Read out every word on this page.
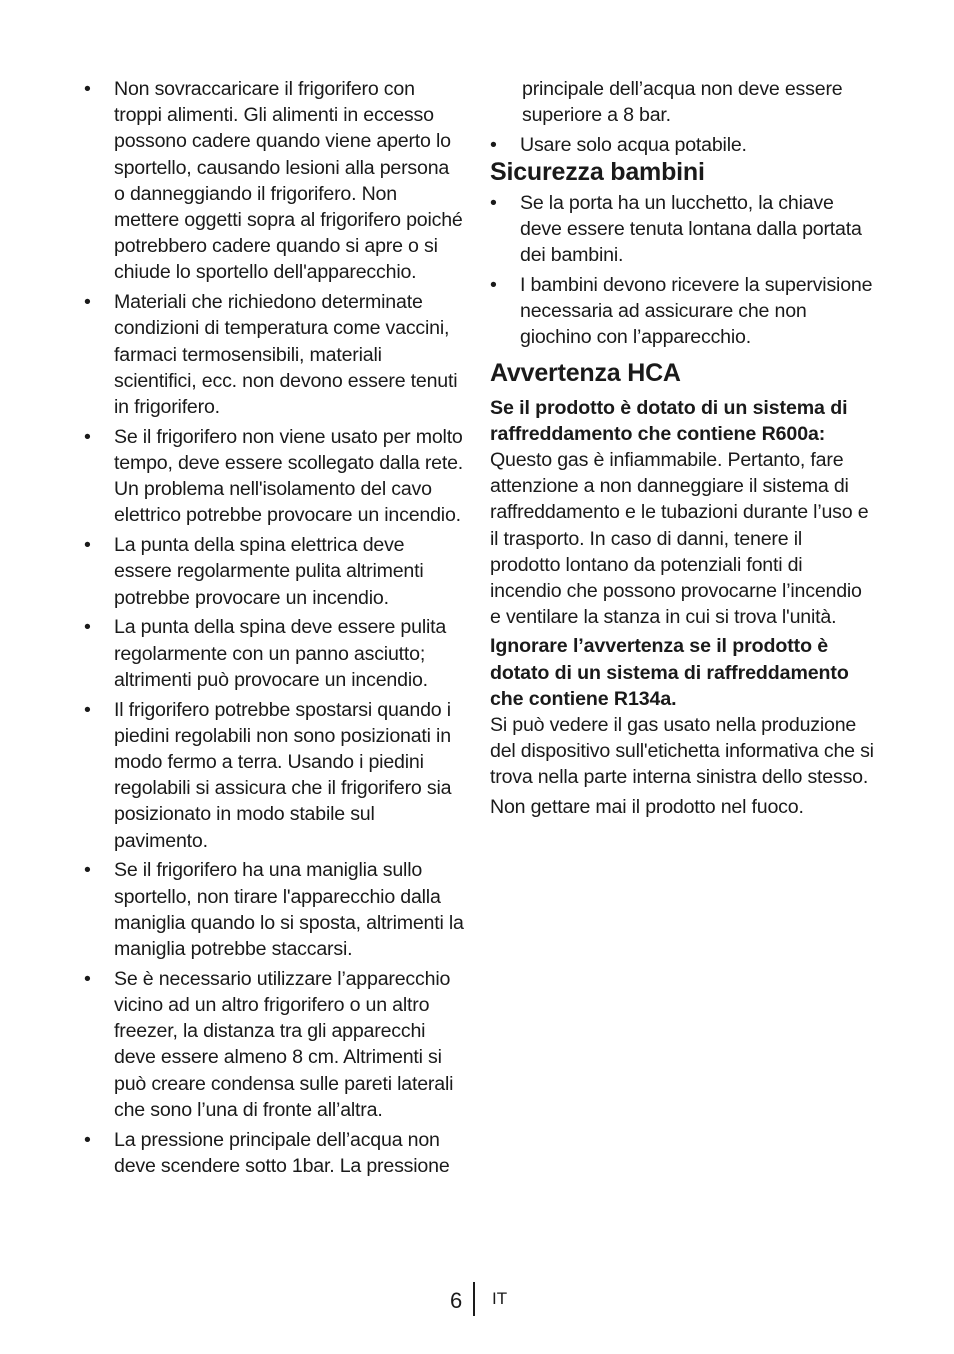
• Non sovraccaricare il frigorifero con troppi alimenti. Gli alimenti in eccesso possono cadere quando viene aperto lo sportello, causando lesioni alla persona o danneggiando il frigorifero. Non mettere oggetti sopra al frigorifero poiché potrebbero cadere quando si apre o si chiude lo sportello dell'apparecchio.
• Materiali che richiedono determinate condizioni di temperatura come vaccini, farmaci termosensibili, materiali scientifici, ecc. non devono essere tenuti in frigorifero.
• Se il frigorifero non viene usato per molto tempo, deve essere scollegato dalla rete. Un problema nell'isolamento del cavo elettrico potrebbe provocare un incendio.
• La punta della spina elettrica deve essere regolarmente pulita altrimenti potrebbe provocare un incendio.
• La punta della spina deve essere pulita regolarmente con un panno asciutto; altrimenti può provocare un incendio.
• Il frigorifero potrebbe spostarsi quando i piedini regolabili non sono posizionati in modo fermo a terra. Usando i piedini regolabili si assicura che il frigorifero sia posizionato in modo stabile sul pavimento.
• Se il frigorifero ha una maniglia sullo sportello, non tirare l'apparecchio dalla maniglia quando lo si sposta, altrimenti la maniglia potrebbe staccarsi.
• Se è necessario utilizzare l’apparecchio vicino ad un altro frigorifero o un altro freezer, la distanza tra gli apparecchi deve essere almeno 8 cm. Altrimenti si può creare condensa sulle pareti laterali che sono l’una di fronte all’altra.
• La pressione principale dell’acqua non deve scendere sotto 1bar. La pressione
principale dell’acqua non deve essere superiore a 8 bar.
• Usare solo acqua potabile.
Sicurezza bambini
• Se la porta ha un lucchetto, la chiave deve essere tenuta lontana dalla portata dei bambini.
• I bambini devono ricevere la supervisione necessaria ad assicurare che non giochino con l’apparecchio.
Avvertenza HCA

Se il prodotto è dotato di un sistema di raffreddamento che contiene R600a:

Questo gas è infiammabile. Pertanto, fare attenzione a non danneggiare il sistema di raffreddamento e le tubazioni durante l’uso e il trasporto. In caso di danni, tenere il prodotto lontano da potenziali fonti di incendio che possono provocarne l’incendio e ventilare la stanza in cui si trova l'unità.

Ignorare l’avvertenza se il prodotto è dotato di un sistema di raffreddamento che contiene R134a.

Si può vedere il gas usato nella produzione del dispositivo sull'etichetta informativa che si trova nella parte interna sinistra dello stesso.

Non gettare mai il prodotto nel fuoco.

6 IT
